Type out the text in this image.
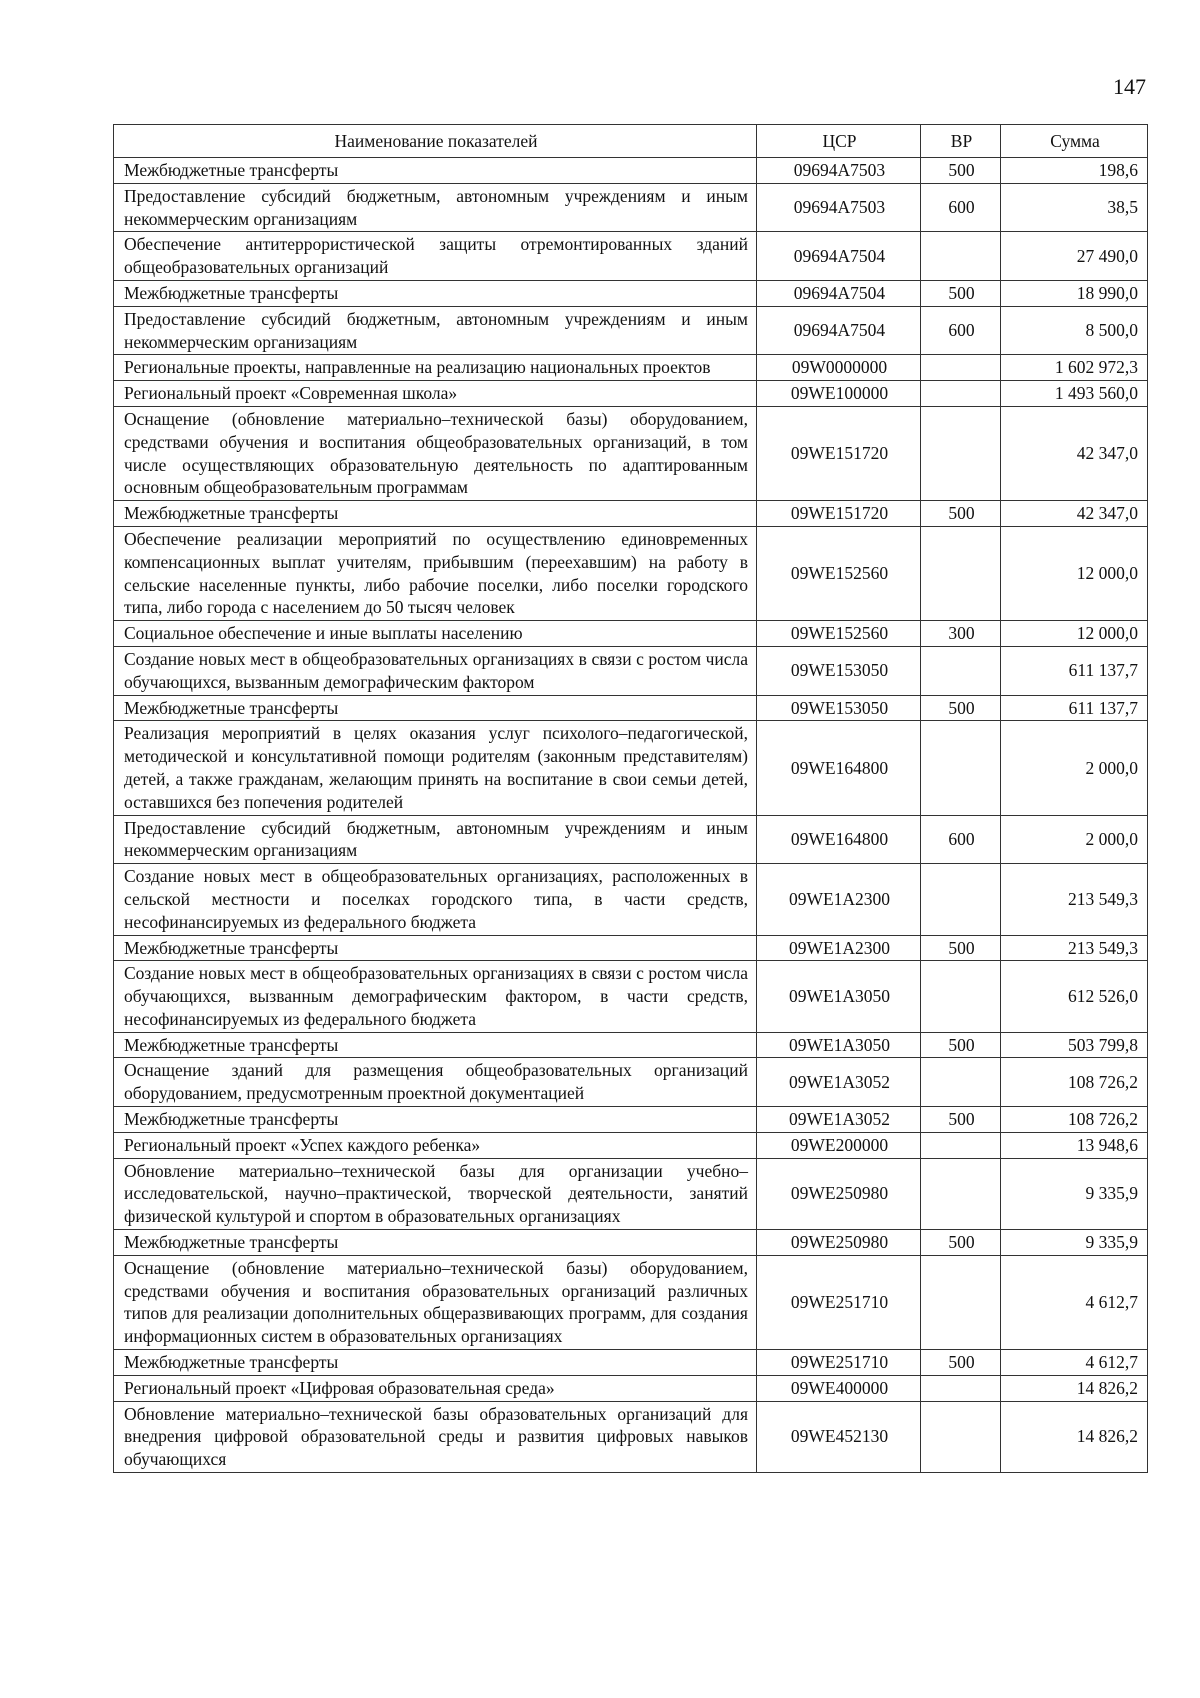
147
Наименование показателей	ЦСР	ВР	Сумма
Межбюджетные трансферты	09694А7503	500	198,6
Предоставление субсидий бюджетным, автономным учреждениям и иным некоммерческим организациям	09694А7503	600	38,5
Обеспечение антитеррористической защиты отремонтированных зданий общеобразовательных организаций	09694А7504		27 490,0
Межбюджетные трансферты	09694А7504	500	18 990,0
Предоставление субсидий бюджетным, автономным учреждениям и иным некоммерческим организациям	09694А7504	600	8 500,0
Региональные проекты, направленные на реализацию национальных проектов	09W0000000		1 602 972,3
Региональный проект «Современная школа»	09WE100000		1 493 560,0
Оснащение (обновление материально–технической базы) оборудованием, средствами обучения и воспитания общеобразовательных организаций, в том числе осуществляющих образовательную деятельность по адаптированным основным общеобразовательным программам	09WE151720		42 347,0
Межбюджетные трансферты	09WE151720	500	42 347,0
Обеспечение реализации мероприятий по осуществлению единовременных компенсационных выплат учителям, прибывшим (переехавшим) на работу в сельские населенные пункты, либо рабочие поселки, либо поселки городского типа, либо города с населением до 50 тысяч человек	09WE152560		12 000,0
Социальное обеспечение и иные выплаты населению	09WE152560	300	12 000,0
Создание новых мест в общеобразовательных организациях в связи с ростом числа обучающихся, вызванным демографическим фактором	09WE153050		611 137,7
Межбюджетные трансферты	09WE153050	500	611 137,7
Реализация мероприятий в целях оказания услуг психолого–педагогической, методической и консультативной помощи родителям (законным представителям) детей, а также гражданам, желающим принять на воспитание в свои семьи детей, оставшихся без попечения родителей	09WE164800		2 000,0
Предоставление субсидий бюджетным, автономным учреждениям и иным некоммерческим организациям	09WE164800	600	2 000,0
Создание новых мест в общеобразовательных организациях, расположенных в сельской местности и поселках городского типа, в части средств, несофинансируемых из федерального бюджета	09WE1A2300		213 549,3
Межбюджетные трансферты	09WE1A2300	500	213 549,3
Создание новых мест в общеобразовательных организациях в связи с ростом числа обучающихся, вызванным демографическим фактором, в части средств, несофинансируемых из федерального бюджета	09WE1A3050		612 526,0
Межбюджетные трансферты	09WE1A3050	500	503 799,8
Оснащение зданий для размещения общеобразовательных организаций оборудованием, предусмотренным проектной документацией	09WE1A3052		108 726,2
Межбюджетные трансферты	09WE1A3052	500	108 726,2
Региональный проект «Успех каждого ребенка»	09WE200000		13 948,6
Обновление материально–технической базы для организации учебно–исследовательской, научно–практической, творческой деятельности, занятий физической культурой и спортом в образовательных организациях	09WE250980		9 335,9
Межбюджетные трансферты	09WE250980	500	9 335,9
Оснащение (обновление материально–технической базы) оборудованием, средствами обучения и воспитания образовательных организаций различных типов для реализации дополнительных общеразвивающих программ, для создания информационных систем в образовательных организациях	09WE251710		4 612,7
Межбюджетные трансферты	09WE251710	500	4 612,7
Региональный проект «Цифровая образовательная среда»	09WE400000		14 826,2
Обновление материально–технической базы образовательных организаций для внедрения цифровой образовательной среды и развития цифровых навыков обучающихся	09WE452130		14 826,2
